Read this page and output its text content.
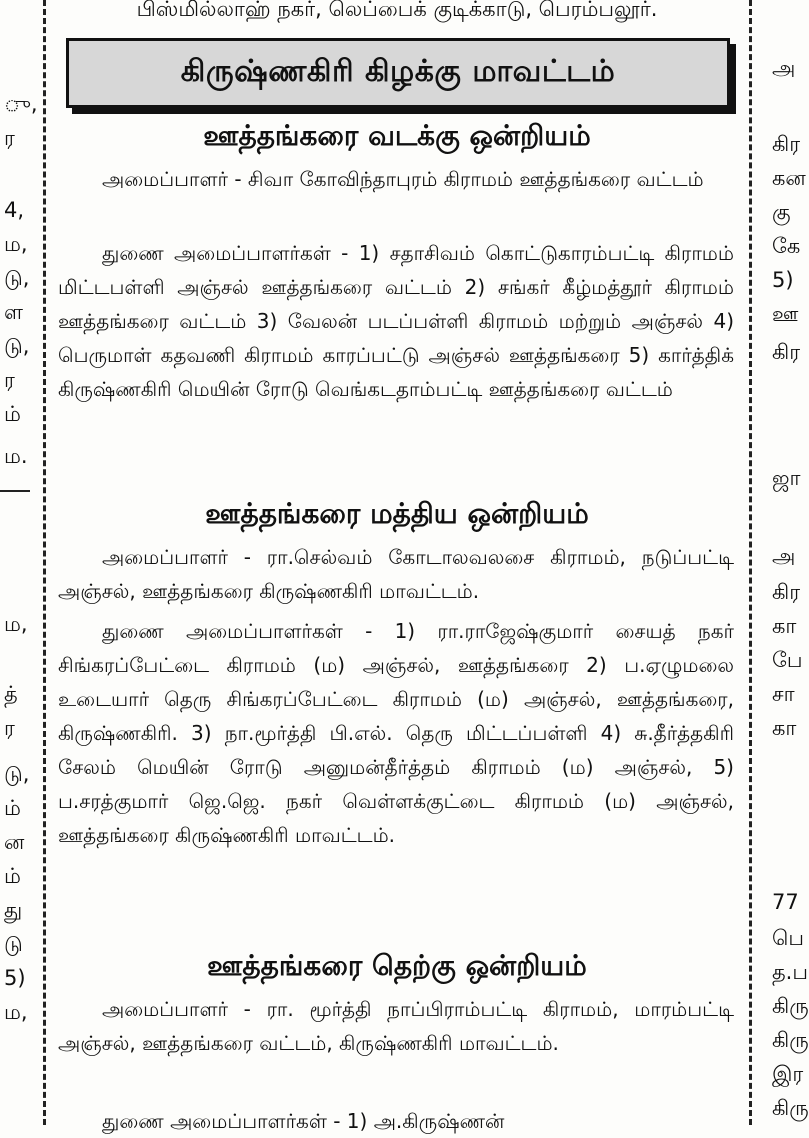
ு,
ர
4,
ம,
டு,
ள
டு,
ர
ம்
ம.
ம,
த்
ர
டு,
ம்
ன
ம்
து
டு
5)
ம,
பிஸ்மில்லாஹ் நகர், லெப்பைக் குடிக்காடு, பெரம்பலூர்.
கிருஷ்ணகிரி கிழக்கு மாவட்டம்
ஊத்தங்கரை வடக்கு ஒன்றியம்
அமைப்பாளர் - சிவா கோவிந்தாபுரம் கிராமம் ஊத்தங்கரை வட்டம்
துணை அமைப்பாளர்கள் - 1) சதாசிவம் கொட்டுகாரம்பட்டி கிராமம் மிட்டபள்ளி அஞ்சல் ஊத்தங்கரை வட்டம் 2) சங்கர் கீழ்மத்தூர் கிராமம் ஊத்தங்கரை வட்டம் 3) வேலன் படப்பள்ளி கிராமம் மற்றும் அஞ்சல் 4) பெருமாள் கதவணி கிராமம் காரப்பட்டு அஞ்சல் ஊத்தங்கரை 5) கார்த்திக் கிருஷ்ணகிரி மெயின் ரோடு வெங்கடதாம்பட்டி ஊத்தங்கரை வட்டம்
ஊத்தங்கரை மத்திய ஒன்றியம்
அமைப்பாளர் - ரா.செல்வம் கோடாலவலசை கிராமம், நடுப்பட்டி அஞ்சல், ஊத்தங்கரை கிருஷ்ணகிரி மாவட்டம்.
துணை அமைப்பாளர்கள் - 1) ரா.ராஜேஷ்குமார் சையத் நகர் சிங்கரப்பேட்டை கிராமம் (ம) அஞ்சல், ஊத்தங்கரை 2) ப.ஏழுமலை உடையார் தெரு சிங்கரப்பேட்டை கிராமம் (ம) அஞ்சல், ஊத்தங்கரை, கிருஷ்ணகிரி. 3) நா.மூர்த்தி பி.எல். தெரு மிட்டப்பள்ளி 4) சு.தீர்த்தகிரி சேலம் மெயின் ரோடு அனுமன்தீர்த்தம் கிராமம் (ம) அஞ்சல், 5) ப.சரத்குமார் ஜெ.ஜெ. நகர் வெள்ளக்குட்டை கிராமம் (ம) அஞ்சல், ஊத்தங்கரை கிருஷ்ணகிரி மாவட்டம்.
ஊத்தங்கரை தெற்கு ஒன்றியம்
அமைப்பாளர் - ரா. மூர்த்தி நாப்பிராம்பட்டி கிராமம், மாரம்பட்டி அஞ்சல், ஊத்தங்கரை வட்டம், கிருஷ்ணகிரி மாவட்டம்.
துணை அமைப்பாளர்கள் - 1) அ.கிருஷ்ணன்
அ
கிர
கன
கு
கே
5)
ஊ
கிர
ஜா
அ
கிர
கா
பே
சா
கா
77
பெ
த.ப
கிரு
கிரு
இர
கிரு
